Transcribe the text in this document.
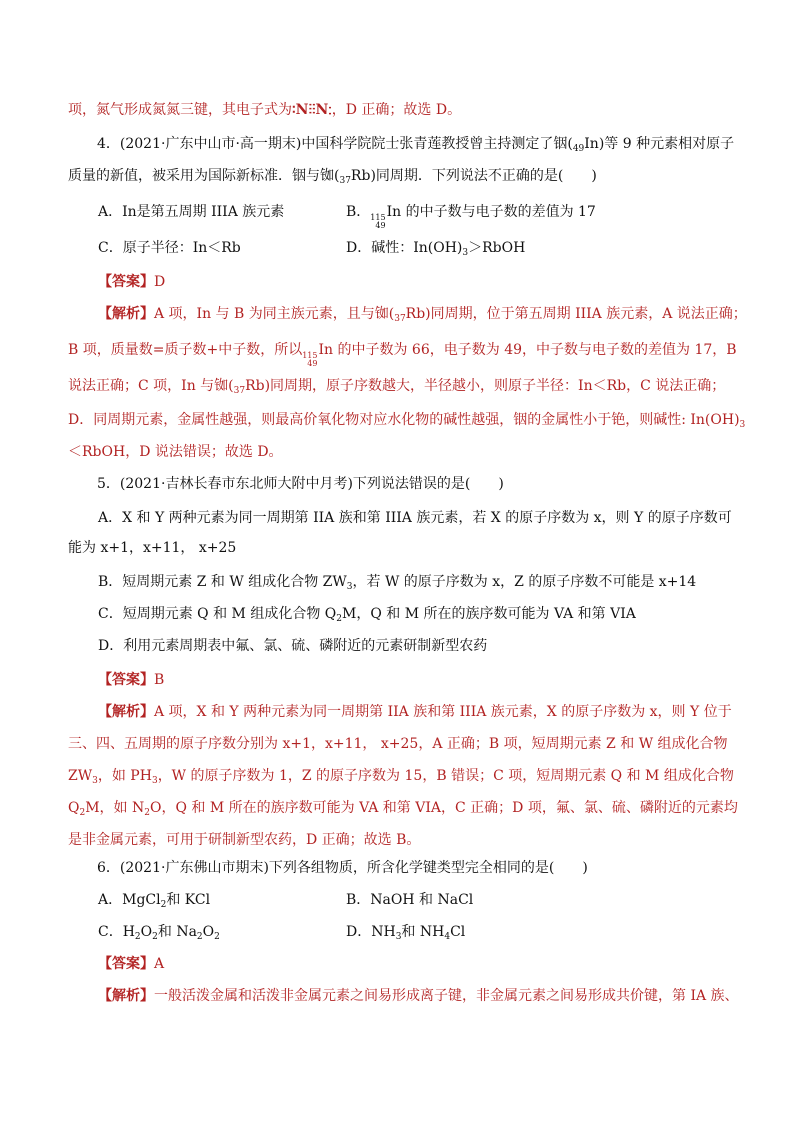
项，氮气形成氮氮三键，其电子式为∶N⫶⫶N∶，D 正确；故选 D。
4．(2021·广东中山市·高一期末)中国科学院院士张青莲教授曾主持测定了铟$(_{49}In)$等 9 种元素相对原子
质量的新值，被采用为国际新标准．铟与铷$(_{37}Rb)$同周期．下列说法不正确的是(　　)
A．In是第五周期 IIIA 族元素	B． 115
49
In 的中子数与电子数的差值为 17
C．原子半径：In＜Rb	D．碱性：$In(OH)_3>RbOH$
【答案】D
【解析】A 项，In 与 B 为同主族元素，且与铷$(_{37}Rb)$同周期，位于第五周期 IIIA 族元素，A 说法正确；
B 项，质量数=质子数+中子数，所以 115
49
In 的中子数为 66，电子数为 49，中子数与电子数的差值为 17，B
说法正确；C 项，In 与铷$(_{37}Rb)$同周期，原子序数越大，半径越小，则原子半径：In＜Rb，C 说法正确；
D．同周期元素，金属性越强，则最高价氧化物对应水化物的碱性越强，铟的金属性小于铯，则碱性: $In(OH)_3$
＜RbOH，D 说法错误；故选 D。
5．(2021·吉林长春市东北师大附中月考)下列说法错误的是(　　)
A．X 和 Y 两种元素为同一周期第 IIA 族和第 IIIA 族元素，若 X 的原子序数为 x，则 Y 的原子序数可
能为 x+1，x+11， x+25
B．短周期元素 Z 和 W 组成化合物 $ZW_3$，若 W 的原子序数为 x，Z 的原子序数不可能是 x+14
C．短周期元素 Q 和 M 组成化合物 $Q_2M$，Q 和 M 所在的族序数可能为 VA 和第 VIA
D．利用元素周期表中氟、氯、硫、磷附近的元素研制新型农药
【答案】B
【解析】A 项，X 和 Y 两种元素为同一周期第 IIA 族和第 IIIA 族元素，X 的原子序数为 x，则 Y 位于
三、四、五周期的原子序数分别为 x+1，x+11， x+25，A 正确；B 项，短周期元素 Z 和 W 组成化合物
$ZW_3$，如 $PH_3$，W 的原子序数为 1，Z 的原子序数为 15，B 错误；C 项，短周期元素 Q 和 M 组成化合物
$Q_2M$，如 $N_2O$，Q 和 M 所在的族序数可能为 VA 和第 VIA，C 正确；D 项，氟、氯、硫、磷附近的元素均
是非金属元素，可用于研制新型农药，D 正确；故选 B。
6．(2021·广东佛山市期末)下列各组物质，所含化学键类型完全相同的是(　　)
A．MgCl$_2$和 KCl	B．NaOH 和 NaCl
C．$H_2O_2$和 $Na_2O_2$	D．$NH_3$和 $NH_4Cl$
【答案】A
【解析】一般活泼金属和活泼非金属元素之间易形成离子键，非金属元素之间易形成共价键，第 IA 族、
